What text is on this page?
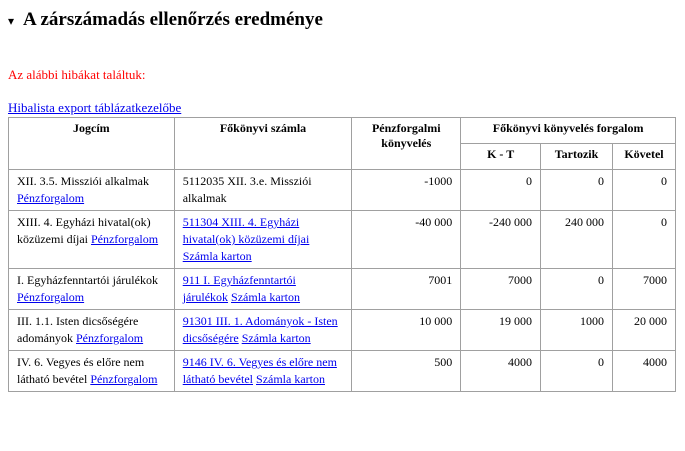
▾ A zárszámadás ellenőrzés eredménye
Az alábbi hibákat találtuk:
Hibalista export táblázatkezelőbe
Jogcím	Főkönyvi számla	Pénzforgalmi könyvelés	Főkönyvi könyvelés forgalom		
			K - T	Tartozik	Követel
XII. 3.5. Missziói alkalmak Pénzforgalom	5112035 XII. 3.e. Missziói alkalmak	-1000	0	0	0
XIII. 4. Egyházi hivatal(ok) közüzemi díjai Pénzforgalom	511304 XIII. 4. Egyházi hivatal(ok) közüzemi díjai Számla karton	-40 000	-240 000	240 000	0
I. Egyházfenntartói járulékok Pénzforgalom	911 I. Egyházfenntartói járulékok Számla karton	7001	7000	0	7000
III. 1.1. Isten dicsőségére adományok Pénzforgalom	91301 III. 1. Adományok - Isten dicsőségére Számla karton	10 000	19 000	1000	20 000
IV. 6. Vegyes és előre nem látható bevétel Pénzforgalom	9146 IV. 6. Vegyes és előre nem látható bevétel Számla karton	500	4000	0	4000
